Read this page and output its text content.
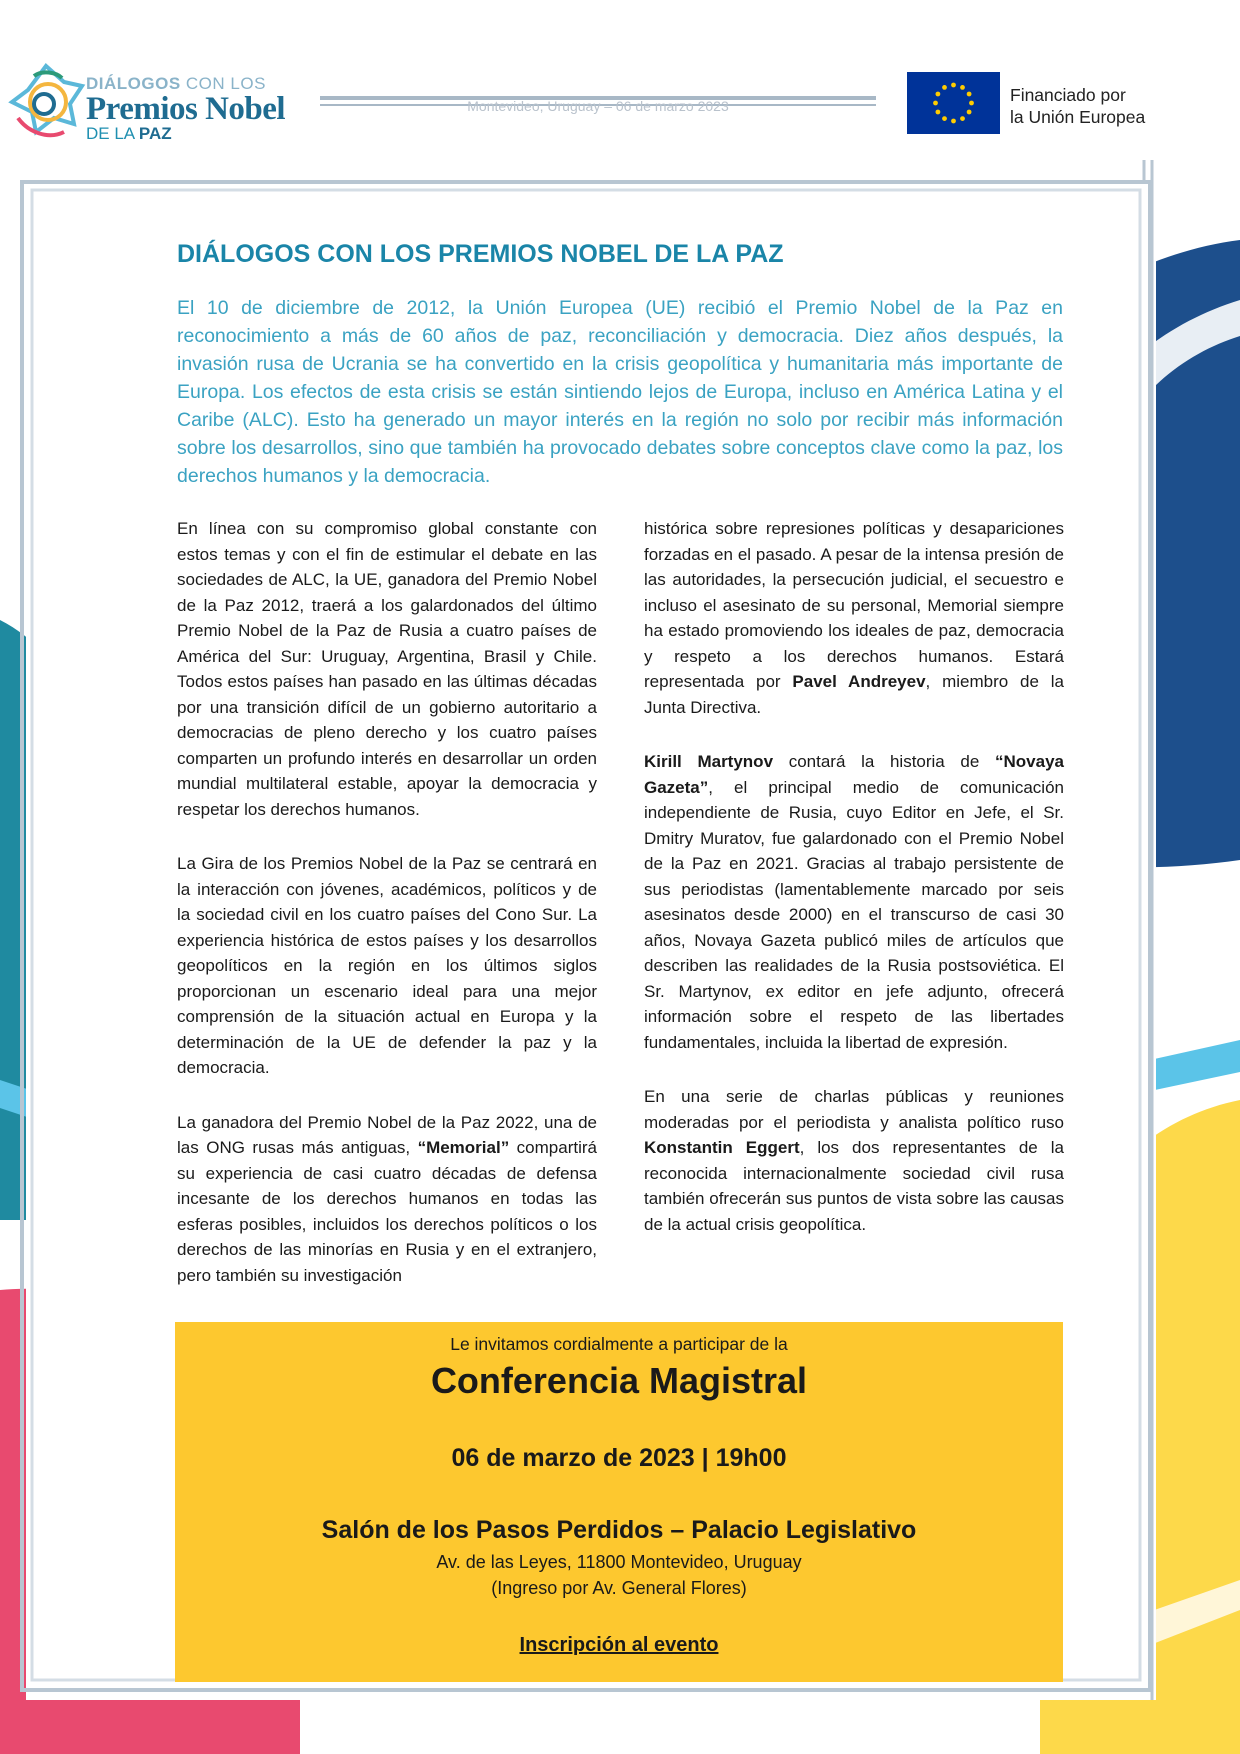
DIÁLOGOS CON LOS
Premios Nobel
DE LA PAZ
Montevideo, Uruguay – 06 de marzo 2023
Financiado por
la Unión Europea
DIÁLOGOS CON LOS PREMIOS NOBEL DE LA PAZ

El 10 de diciembre de 2012, la Unión Europea (UE) recibió el Premio Nobel de la Paz en reconocimiento a más de 60 años de paz, reconciliación y democracia. Diez años después, la invasión rusa de Ucrania se ha convertido en la crisis geopolítica y humanitaria más importante de Europa. Los efectos de esta crisis se están sintiendo lejos de Europa, incluso en América Latina y el Caribe (ALC). Esto ha generado un mayor interés en la región no solo por recibir más información sobre los desarrollos, sino que también ha provocado debates sobre conceptos clave como la paz, los derechos humanos y la democracia.

En línea con su compromiso global constante con estos temas y con el fin de estimular el debate en las sociedades de ALC, la UE, ganadora del Premio Nobel de la Paz 2012, traerá a los galardonados del último Premio Nobel de la Paz de Rusia a cuatro países de América del Sur: Uruguay, Argentina, Brasil y Chile. Todos estos países han pasado en las últimas décadas por una transición difícil de un gobierno autoritario a democracias de pleno derecho y los cuatro países comparten un profundo interés en desarrollar un orden mundial multilateral estable, apoyar la democracia y respetar los derechos humanos.

La Gira de los Premios Nobel de la Paz se centrará en la interacción con jóvenes, académicos, políticos y de la sociedad civil en los cuatro países del Cono Sur. La experiencia histórica de estos países y los desarrollos geopolíticos en la región en los últimos siglos proporcionan un escenario ideal para una mejor comprensión de la situación actual en Europa y la determinación de la UE de defender la paz y la democracia.

La ganadora del Premio Nobel de la Paz 2022, una de las ONG rusas más antiguas, “Memorial” compartirá su experiencia de casi cuatro décadas de defensa incesante de los derechos humanos en todas las esferas posibles, incluidos los derechos políticos o los derechos de las minorías en Rusia y en el extranjero, pero también su investigación

histórica sobre represiones políticas y desapariciones forzadas en el pasado. A pesar de la intensa presión de las autoridades, la persecución judicial, el secuestro e incluso el asesinato de su personal, Memorial siempre ha estado promoviendo los ideales de paz, democracia y respeto a los derechos humanos. Estará representada por Pavel Andreyev, miembro de la Junta Directiva.

Kirill Martynov contará la historia de “Novaya Gazeta”, el principal medio de comunicación independiente de Rusia, cuyo Editor en Jefe, el Sr. Dmitry Muratov, fue galardonado con el Premio Nobel de la Paz en 2021. Gracias al trabajo persistente de sus periodistas (lamentablemente marcado por seis asesinatos desde 2000) en el transcurso de casi 30 años, Novaya Gazeta publicó miles de artículos que describen las realidades de la Rusia postsoviética. El Sr. Martynov, ex editor en jefe adjunto, ofrecerá información sobre el respeto de las libertades fundamentales, incluida la libertad de expresión.

En una serie de charlas públicas y reuniones moderadas por el periodista y analista político ruso Konstantin Eggert, los dos representantes de la reconocida internacionalmente sociedad civil rusa también ofrecerán sus puntos de vista sobre las causas de la actual crisis geopolítica.

Le invitamos cordialmente a participar de la
Conferencia Magistral
06 de marzo de 2023 | 19h00
Salón de los Pasos Perdidos – Palacio Legislativo
Av. de las Leyes, 11800 Montevideo, Uruguay
(Ingreso por Av. General Flores)
Inscripción al evento
